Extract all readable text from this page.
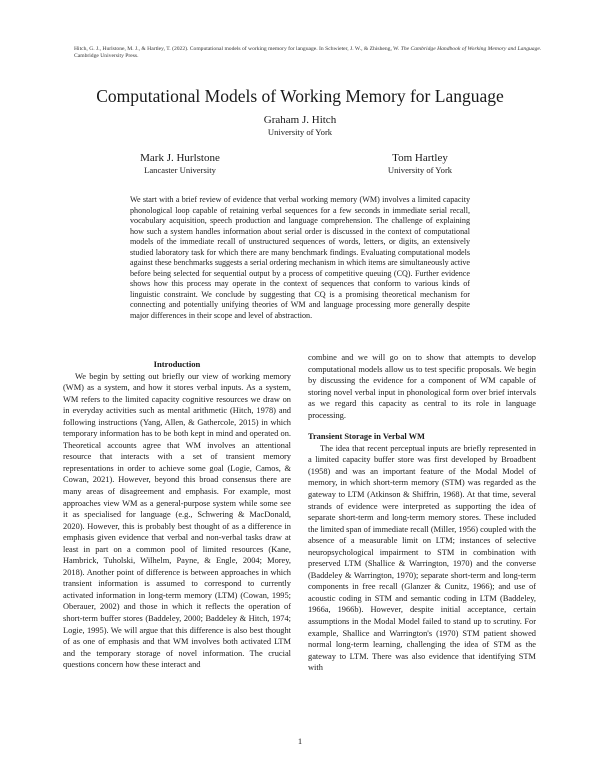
Hitch, G. J., Hurlstone, M. J., & Hartley, T. (2022). Computational models of working memory for language. In Schwieter, J. W., & Zhisheng, W. The Cambridge Handbook of Working Memory and Language. Cambridge University Press.
Computational Models of Working Memory for Language
Graham J. Hitch
University of York
Mark J. Hurlstone
Lancaster University
Tom Hartley
University of York
We start with a brief review of evidence that verbal working memory (WM) involves a limited capacity phonological loop capable of retaining verbal sequences for a few seconds in immediate serial recall, vocabulary acquisition, speech production and language comprehension. The challenge of explaining how such a system handles information about serial order is discussed in the context of computational models of the immediate recall of unstructured sequences of words, letters, or digits, an extensively studied laboratory task for which there are many benchmark findings. Evaluating computational models against these benchmarks suggests a serial ordering mechanism in which items are simultaneously active before being selected for sequential output by a process of competitive queuing (CQ). Further evidence shows how this process may operate in the context of sequences that conform to various kinds of linguistic constraint. We conclude by suggesting that CQ is a promising theoretical mechanism for connecting and potentially unifying theories of WM and language processing more generally despite major differences in their scope and level of abstraction.

Introduction

We begin by setting out briefly our view of working memory (WM) as a system, and how it stores verbal inputs. As a system, WM refers to the limited capacity cognitive resources we draw on in everyday activities such as mental arithmetic (Hitch, 1978) and following instructions (Yang, Allen, & Gathercole, 2015) in which temporary information has to be both kept in mind and operated on. Theoretical accounts agree that WM involves an attentional resource that interacts with a set of transient memory representations in order to achieve some goal (Logie, Camos, & Cowan, 2021). However, beyond this broad consensus there are many areas of disagreement and emphasis. For example, most approaches view WM as a general-purpose system while some see it as specialised for language (e.g., Schwering & MacDonald, 2020). However, this is probably best thought of as a difference in emphasis given evidence that verbal and non-verbal tasks draw at least in part on a common pool of limited resources (Kane, Hambrick, Tuholski, Wilhelm, Payne, & Engle, 2004; Morey, 2018). Another point of difference is between approaches in which transient information is assumed to correspond to currently activated information in long-term memory (LTM) (Cowan, 1995; Oberauer, 2002) and those in which it reflects the operation of short-term buffer stores (Baddeley, 2000; Baddeley & Hitch, 1974; Logie, 1995). We will argue that this difference is also best thought of as one of emphasis and that WM involves both activated LTM and the temporary storage of novel information. The crucial questions concern how these interact and

combine and we will go on to show that attempts to develop computational models allow us to test specific proposals. We begin by discussing the evidence for a component of WM capable of storing novel verbal input in phonological form over brief intervals as we regard this capacity as central to its role in language processing.

Transient Storage in Verbal WM

The idea that recent perceptual inputs are briefly represented in a limited capacity buffer store was first developed by Broadbent (1958) and was an important feature of the Modal Model of memory, in which short-term memory (STM) was regarded as the gateway to LTM (Atkinson & Shiffrin, 1968). At that time, several strands of evidence were interpreted as supporting the idea of separate short-term and long-term memory stores. These included the limited span of immediate recall (Miller, 1956) coupled with the absence of a measurable limit on LTM; instances of selective neuropsychological impairment to STM in combination with preserved LTM (Shallice & Warrington, 1970) and the converse (Baddeley & Warrington, 1970); separate short-term and long-term components in free recall (Glanzer & Cunitz, 1966); and use of acoustic coding in STM and semantic coding in LTM (Baddeley, 1966a, 1966b). However, despite initial acceptance, certain assumptions in the Modal Model failed to stand up to scrutiny. For example, Shallice and Warrington's (1970) STM patient showed normal long-term learning, challenging the idea of STM as the gateway to LTM. There was also evidence that identifying STM with

1
